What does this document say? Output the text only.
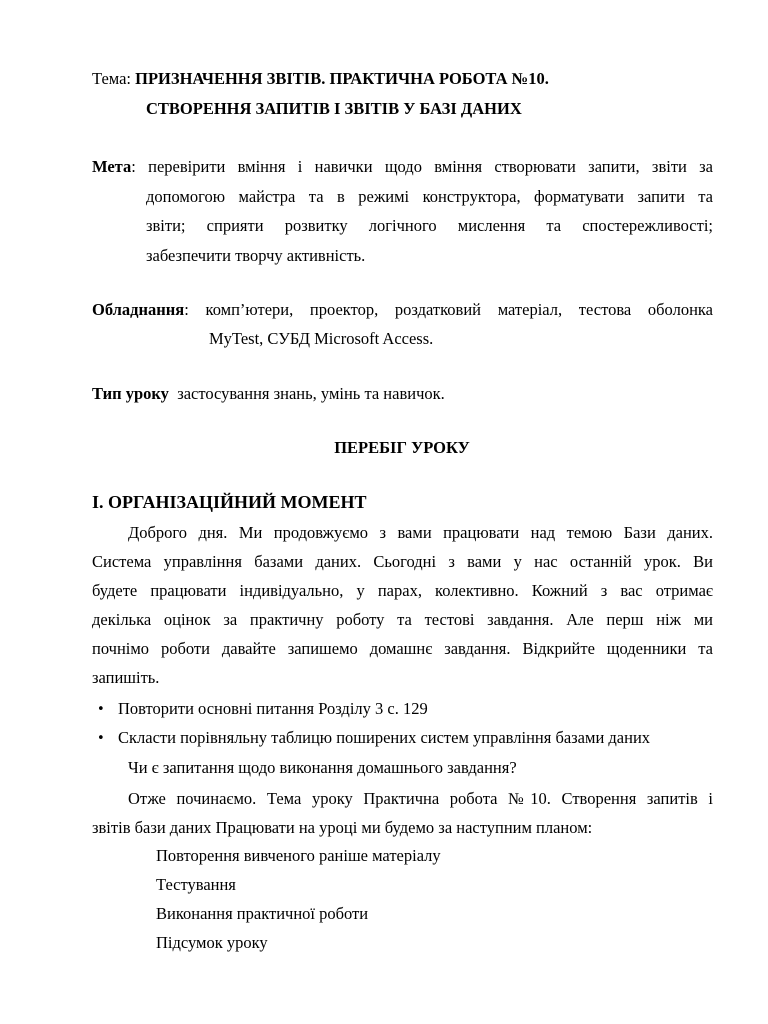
Тема: ПРИЗНАЧЕННЯ ЗВІТІВ. ПРАКТИЧНА РОБОТА №10.
СТВОРЕННЯ ЗАПИТІВ І ЗВІТІВ У БАЗІ ДАНИХ
Мета: перевірити вміння і навички щодо вміння створювати запити, звіти за
допомогою майстра та в режимі конструктора, форматувати запити та
звіти; сприяти розвитку логічного мислення та спостережливості;
забезпечити творчу активність.
Обладнання: комп’ютери, проектор, роздатковий матеріал, тестова оболонка
MyTest, СУБД Microsoft Access.
Тип уроку застосування знань, умінь та навичок.
ПЕРЕБІГ УРОКУ
І. ОРГАНІЗАЦІЙНИЙ МОМЕНТ
Доброго дня. Ми продовжуємо з вами працювати над темою Бази даних.
Система управління базами даних. Сьогодні з вами у нас останній урок. Ви
будете працювати індивідуально, у парах, колективно. Кожний з вас отримає
декілька оцінок за практичну роботу та тестові завдання. Але перш ніж ми
почнімо роботи давайте запишемо домашнє завдання. Відкрийте щоденники та
запишіть.
• Повторити основні питання Розділу 3 с. 129
• Скласти порівняльну таблицю поширених систем управління базами даних
Чи є запитання щодо виконання домашнього завдання?
Отже починаємо. Тема уроку Практична робота №10. Створення запитів і
звітів бази даних Працювати на уроці ми будемо за наступним планом:
Повторення вивченого раніше матеріалу
Тестування
Виконання практичної роботи
Підсумок уроку
